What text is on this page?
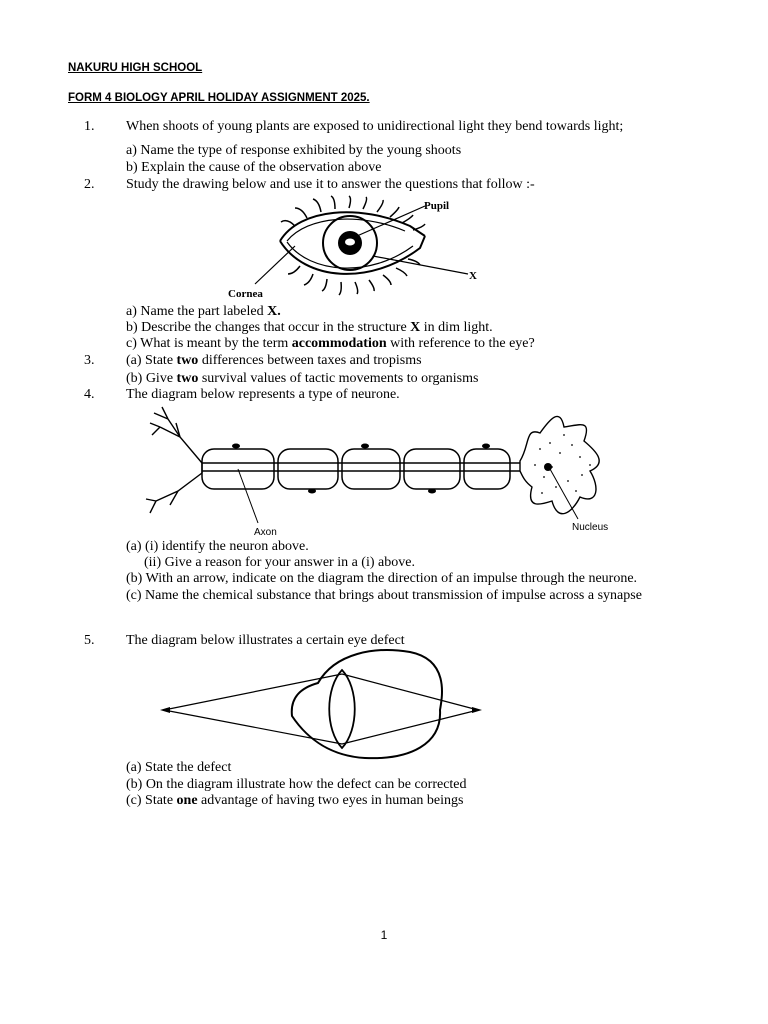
NAKURU HIGH SCHOOL
FORM 4 BIOLOGY APRIL HOLIDAY ASSIGNMENT 2025.
1. When shoots of young plants are exposed to unidirectional light they bend towards light;
a) Name the type of response exhibited by the young shoots
b) Explain the cause of the observation above
2. Study the drawing below and use it to answer the questions that follow :-
Pupil
X
Cornea
a) Name the part labeled X.
b) Describe the changes that occur in the structure X in dim light.
c) What is meant by the term accommodation with reference to the eye?
3. (a) State two differences between taxes and tropisms
(b) Give two survival values of tactic movements to organisms
4. The diagram below represents a type of neurone.
Axon	Nucleus
(a) (i) identify the neuron above.
(ii) Give a reason for your answer in a (i) above.
(b) With an arrow, indicate on the diagram the direction of an impulse through the neurone.
(c) Name the chemical substance that brings about transmission of impulse across a synapse
5. The diagram below illustrates a certain eye defect
(a) State the defect
(b) On the diagram illustrate how the defect can be corrected
(c) State one advantage of having two eyes in human beings
1
